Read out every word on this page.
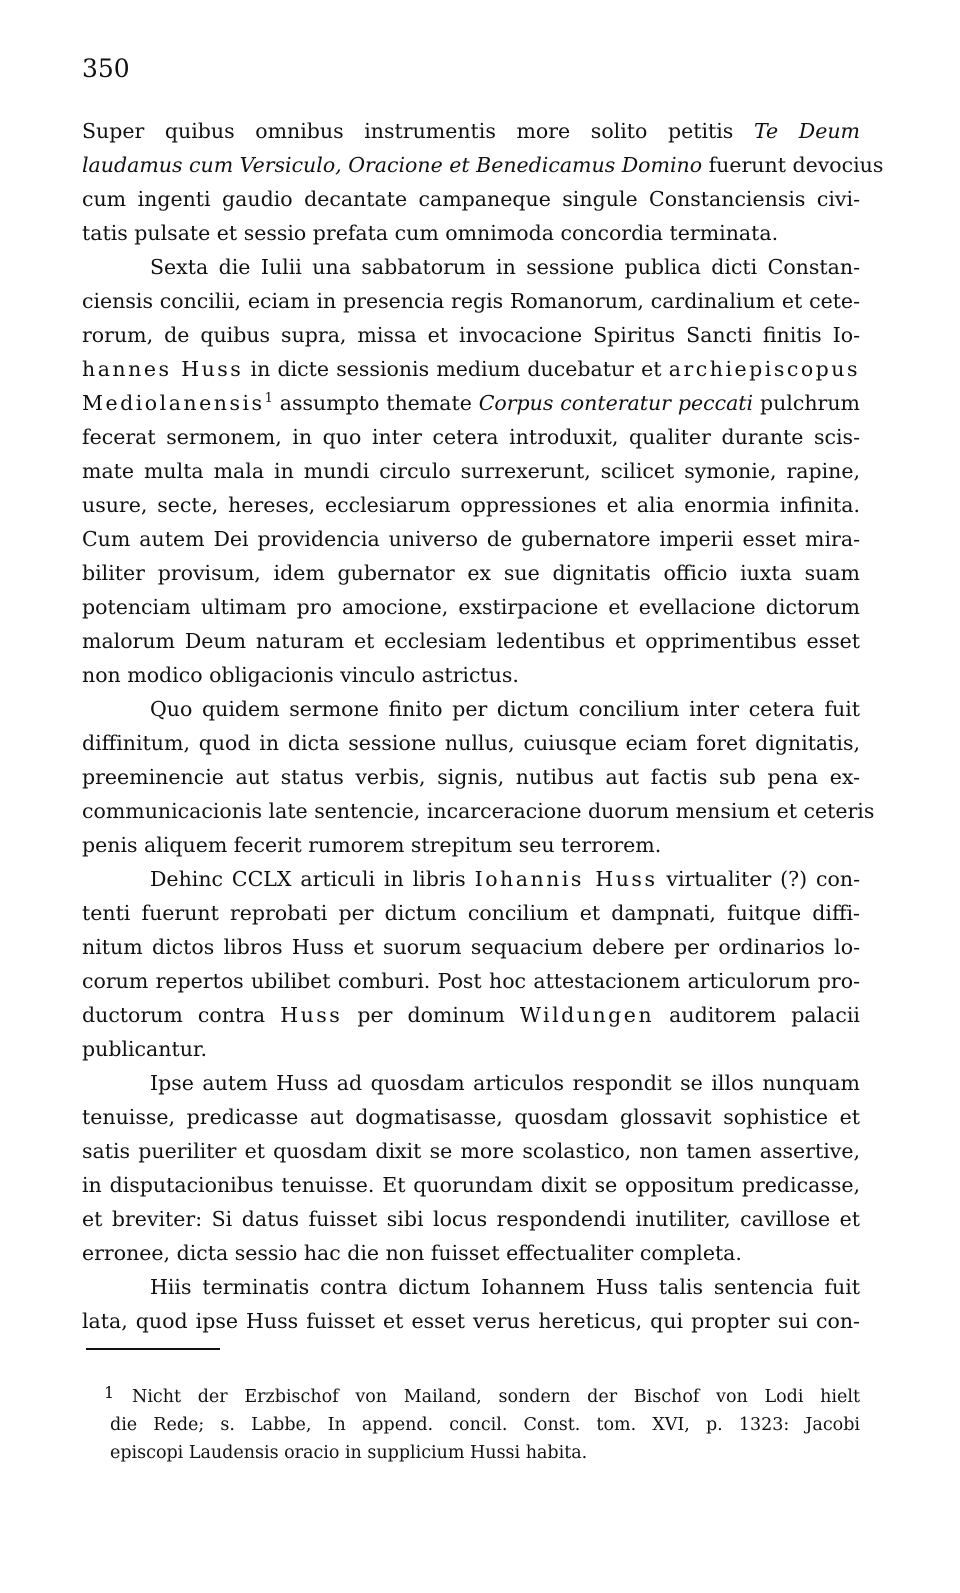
350
Super quibus omnibus instrumentis more solito petitis Te Deum
laudamus cum Versiculo, Oracione et Benedicamus Domino fuerunt devocius
cum ingenti gaudio decantate campaneque singule Constanciensis civi-
tatis pulsate et sessio prefata cum omnimoda concordia terminata.
Sexta die Iulii una sabbatorum in sessione publica dicti Constan-
ciensis concilii, eciam in presencia regis Romanorum, cardinalium et cete-
rorum, de quibus supra, missa et invocacione Spiritus Sancti finitis Io-
hannes Huss in dicte sessionis medium ducebatur et archiepiscopus
Mediolanensis$^1$ assumpto themate Corpus conteratur peccati pulchrum
fecerat sermonem, in quo inter cetera introduxit, qualiter durante scis-
mate multa mala in mundi circulo surrexerunt, scilicet symonie, rapine,
usure, secte, hereses, ecclesiarum oppressiones et alia enormia infinita.
Cum autem Dei providencia universo de gubernatore imperii esset mira-
biliter provisum, idem gubernator ex sue dignitatis officio iuxta suam
potenciam ultimam pro amocione, exstirpacione et evellacione dictorum
malorum Deum naturam et ecclesiam ledentibus et opprimentibus esset
non modico obligacionis vinculo astrictus.
Quo quidem sermone finito per dictum concilium inter cetera fuit
diffinitum, quod in dicta sessione nullus, cuiusque eciam foret dignitatis,
preeminencie aut status verbis, signis, nutibus aut factis sub pena ex-
communicacionis late sentencie, incarceracione duorum mensium et ceteris
penis aliquem fecerit rumorem strepitum seu terrorem.
Dehinc CCLX articuli in libris Iohannis Huss virtualiter (?) con-
tenti fuerunt reprobati per dictum concilium et dampnati, fuitque diffi-
nitum dictos libros Huss et suorum sequacium debere per ordinarios lo-
corum repertos ubilibet comburi. Post hoc attestacionem articulorum pro-
ductorum contra Huss per dominum Wildungen auditorem palacii
publicantur.
Ipse autem Huss ad quosdam articulos respondit se illos nunquam
tenuisse, predicasse aut dogmatisasse, quosdam glossavit sophistice et
satis pueriliter et quosdam dixit se more scolastico, non tamen assertive,
in disputacionibus tenuisse. Et quorundam dixit se oppositum predicasse,
et breviter: Si datus fuisset sibi locus respondendi inutiliter, cavillose et
erronee, dicta sessio hac die non fuisset effectualiter completa.
Hiis terminatis contra dictum Iohannem Huss talis sentencia fuit
lata, quod ipse Huss fuisset et esset verus hereticus, qui propter sui con-
1 Nicht der Erzbischof von Mailand, sondern der Bischof von Lodi hielt
die Rede; s. Labbe, In append. concil. Const. tom. XVI, p. 1323: Jacobi
episcopi Laudensis oracio in supplicium Hussi habita.
